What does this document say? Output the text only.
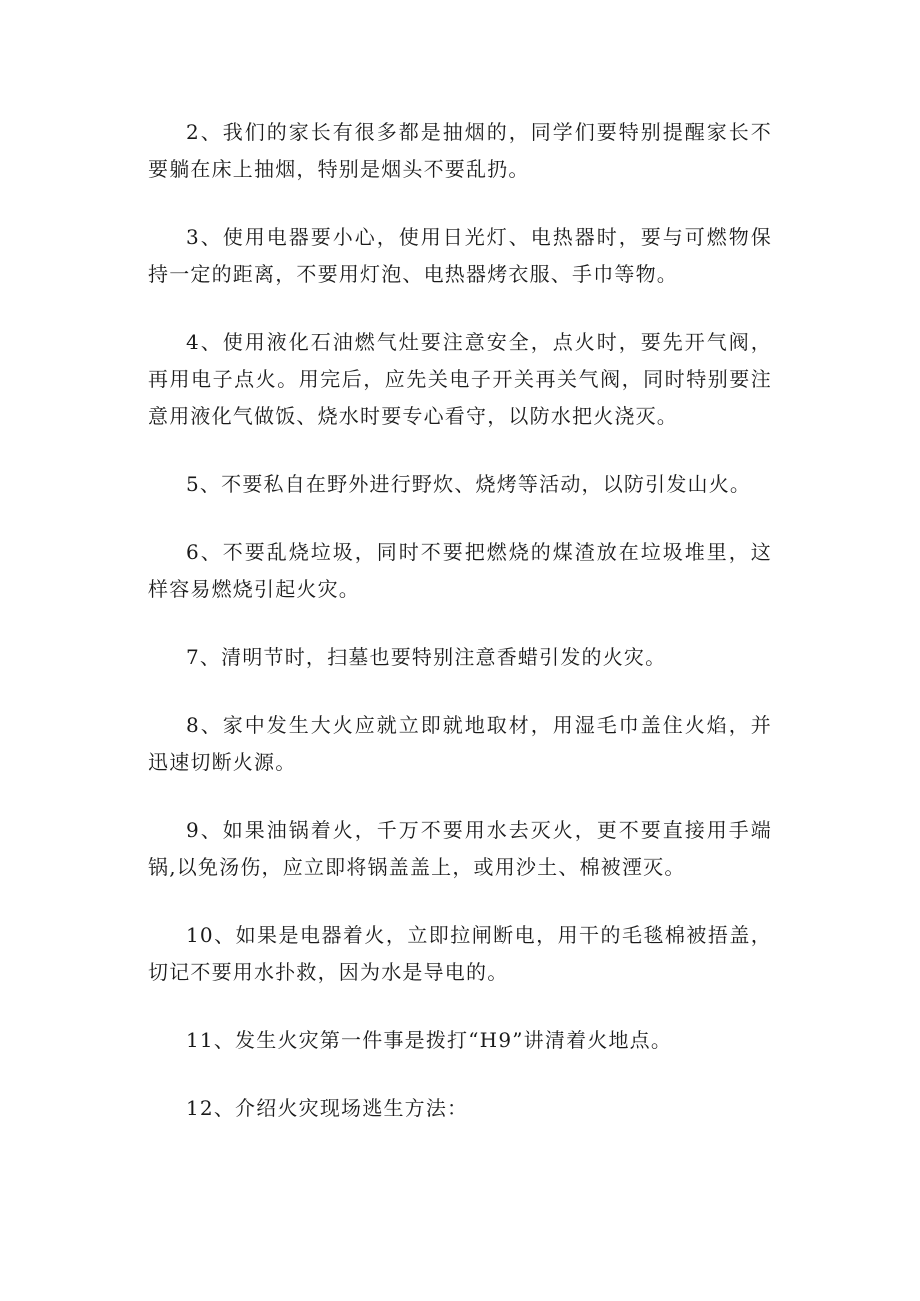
2、我们的家长有很多都是抽烟的，同学们要特别提醒家长不要躺在床上抽烟，特别是烟头不要乱扔。

3、使用电器要小心，使用日光灯、电热器时，要与可燃物保持一定的距离，不要用灯泡、电热器烤衣服、手巾等物。

4、使用液化石油燃气灶要注意安全，点火时，要先开气阀，再用电子点火。用完后，应先关电子开关再关气阀，同时特别要注意用液化气做饭、烧水时要专心看守，以防水把火浇灭。

5、不要私自在野外进行野炊、烧烤等活动，以防引发山火。

6、不要乱烧垃圾，同时不要把燃烧的煤渣放在垃圾堆里，这样容易燃烧引起火灾。

7、清明节时，扫墓也要特别注意香蜡引发的火灾。

8、家中发生大火应就立即就地取材，用湿毛巾盖住火焰，并迅速切断火源。

9、如果油锅着火，千万不要用水去灭火，更不要直接用手端锅,以免汤伤，应立即将锅盖盖上，或用沙土、棉被湮灭。

10、如果是电器着火，立即拉闸断电，用干的毛毯棉被捂盖，切记不要用水扑救，因为水是导电的。

11、发生火灾第一件事是拨打“H9”讲清着火地点。

12、介绍火灾现场逃生方法：
